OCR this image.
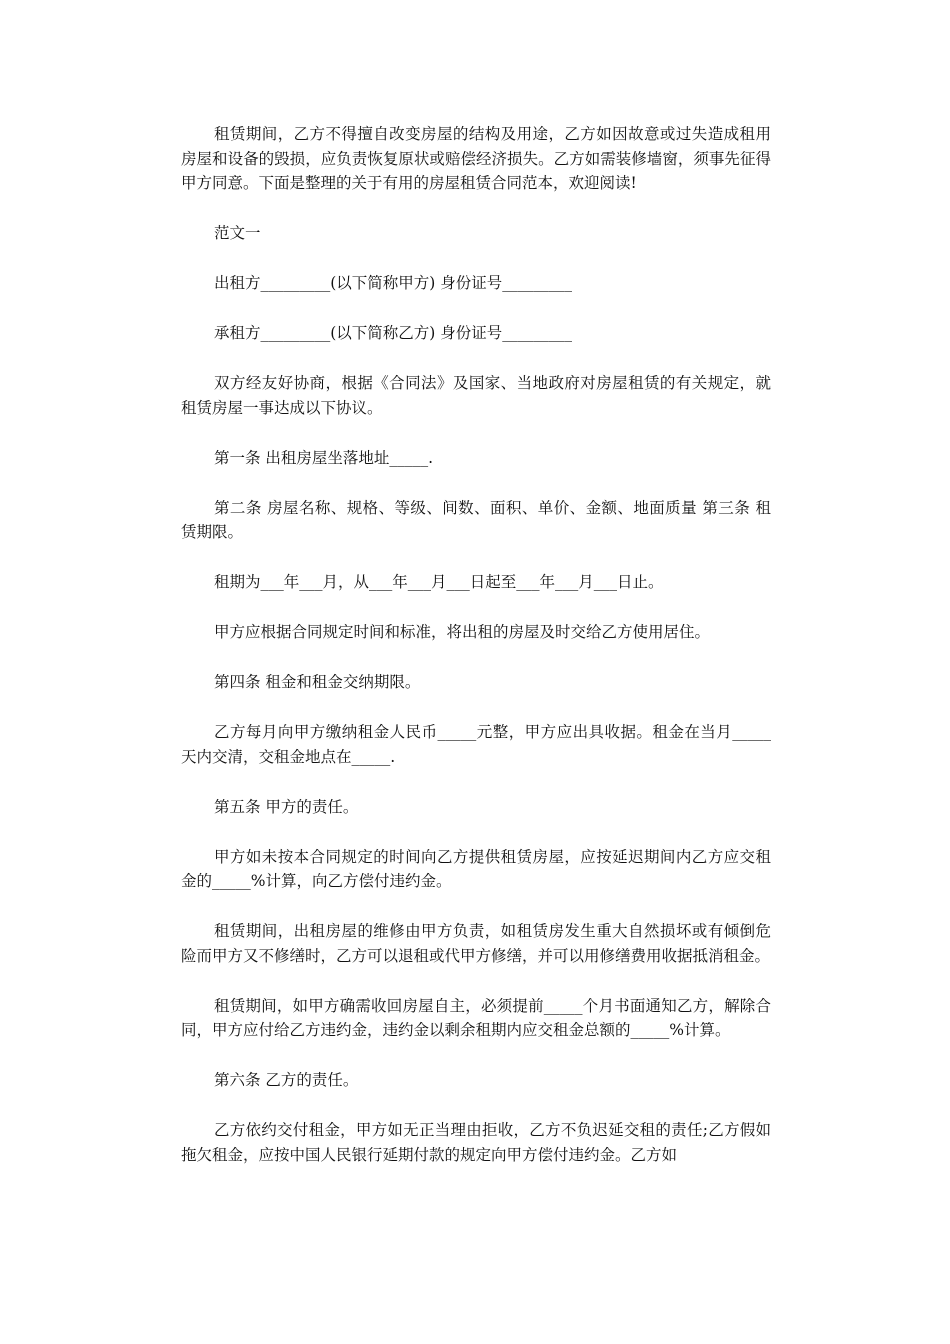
租赁期间，乙方不得擅自改变房屋的结构及用途，乙方如因故意或过失造成租用房屋和设备的毁损，应负责恢复原状或赔偿经济损失。乙方如需装修墙窗，须事先征得甲方同意。下面是整理的关于有用的房屋租赁合同范本，欢迎阅读!

范文一

出租方_________(以下简称甲方) 身份证号_________

承租方_________(以下简称乙方) 身份证号_________

双方经友好协商，根据《合同法》及国家、当地政府对房屋租赁的有关规定，就租赁房屋一事达成以下协议。

第一条 出租房屋坐落地址_____.

第二条 房屋名称、规格、等级、间数、面积、单价、金额、地面质量 第三条 租赁期限。

租期为___年___月，从___年___月___日起至___年___月___日止。

甲方应根据合同规定时间和标准，将出租的房屋及时交给乙方使用居住。

第四条 租金和租金交纳期限。

乙方每月向甲方缴纳租金人民币_____元整，甲方应出具收据。租金在当月_____天内交清，交租金地点在_____.

第五条 甲方的责任。

甲方如未按本合同规定的时间向乙方提供租赁房屋，应按延迟期间内乙方应交租金的_____%计算，向乙方偿付违约金。

租赁期间，出租房屋的维修由甲方负责，如租赁房发生重大自然损坏或有倾倒危险而甲方又不修缮时，乙方可以退租或代甲方修缮，并可以用修缮费用收据抵消租金。

租赁期间，如甲方确需收回房屋自主，必须提前_____个月书面通知乙方，解除合同，甲方应付给乙方违约金，违约金以剩余租期内应交租金总额的_____%计算。

第六条 乙方的责任。

乙方依约交付租金，甲方如无正当理由拒收，乙方不负迟延交租的责任;乙方假如拖欠租金，应按中国人民银行延期付款的规定向甲方偿付违约金。乙方如
